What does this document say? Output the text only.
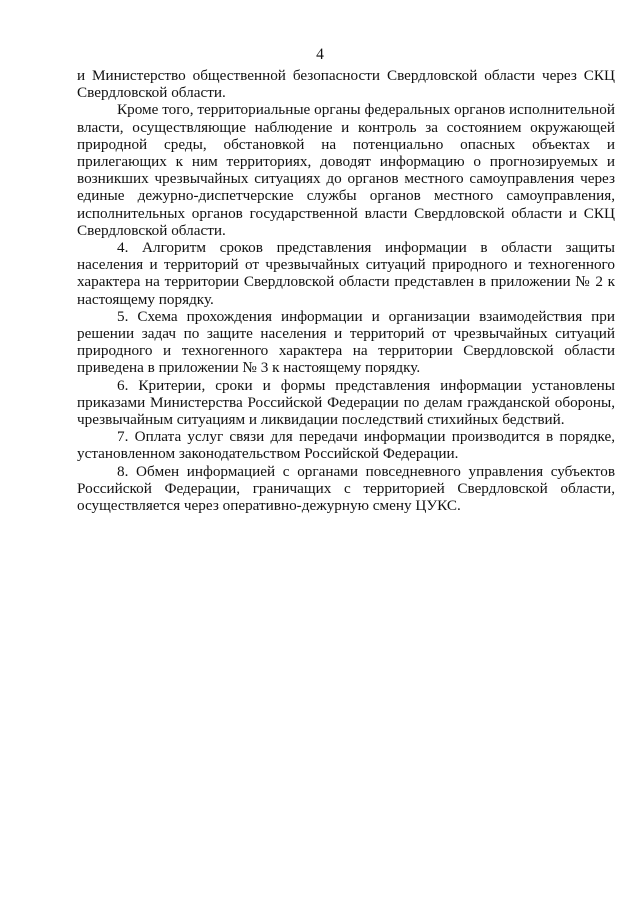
4

и Министерство общественной безопасности Свердловской области через СКЦ Свердловской области.

Кроме того, территориальные органы федеральных органов исполнительной власти, осуществляющие наблюдение и контроль за состоянием окружающей природной среды, обстановкой на потенциально опасных объектах и прилегающих к ним территориях, доводят информацию о прогнозируемых и возникших чрезвычайных ситуациях до органов местного самоуправления через единые дежурно-диспетчерские службы органов местного самоуправления, исполнительных органов государственной власти Свердловской области и СКЦ Свердловской области.

4. Алгоритм сроков представления информации в области защиты населения и территорий от чрезвычайных ситуаций природного и техногенного характера на территории Свердловской области представлен в приложении № 2 к настоящему порядку.

5. Схема прохождения информации и организации взаимодействия при решении задач по защите населения и территорий от чрезвычайных ситуаций природного и техногенного характера на территории Свердловской области приведена в приложении № 3 к настоящему порядку.

6. Критерии, сроки и формы представления информации установлены приказами Министерства Российской Федерации по делам гражданской обороны, чрезвычайным ситуациям и ликвидации последствий стихийных бедствий.

7. Оплата услуг связи для передачи информации производится в порядке, установленном законодательством Российской Федерации.

8. Обмен информацией с органами повседневного управления субъектов Российской Федерации, граничащих с территорией Свердловской области, осуществляется через оперативно-дежурную смену ЦУКС.
